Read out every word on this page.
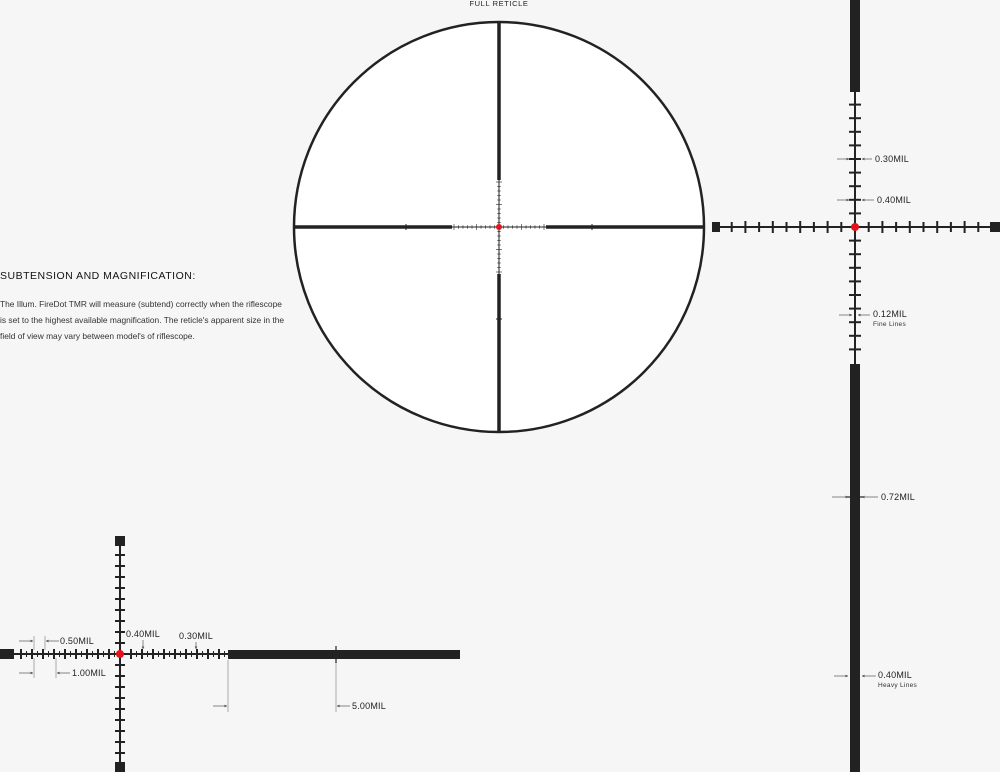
FULL RETICLE
0.30MIL
0.40MIL
0.12MIL
Fine Lines
0.72MIL
0.40MIL
Heavy Lines
0.50MIL
1.00MIL
0.40MIL 0.30MIL
5.00MIL
SUBTENSION AND MAGNIFICATION:

The Illum. FireDot TMR will measure (subtend) correctly when the riflescope is set to the highest available magnification. The reticle's apparent size in the field of view may vary between model's of riflescope.
